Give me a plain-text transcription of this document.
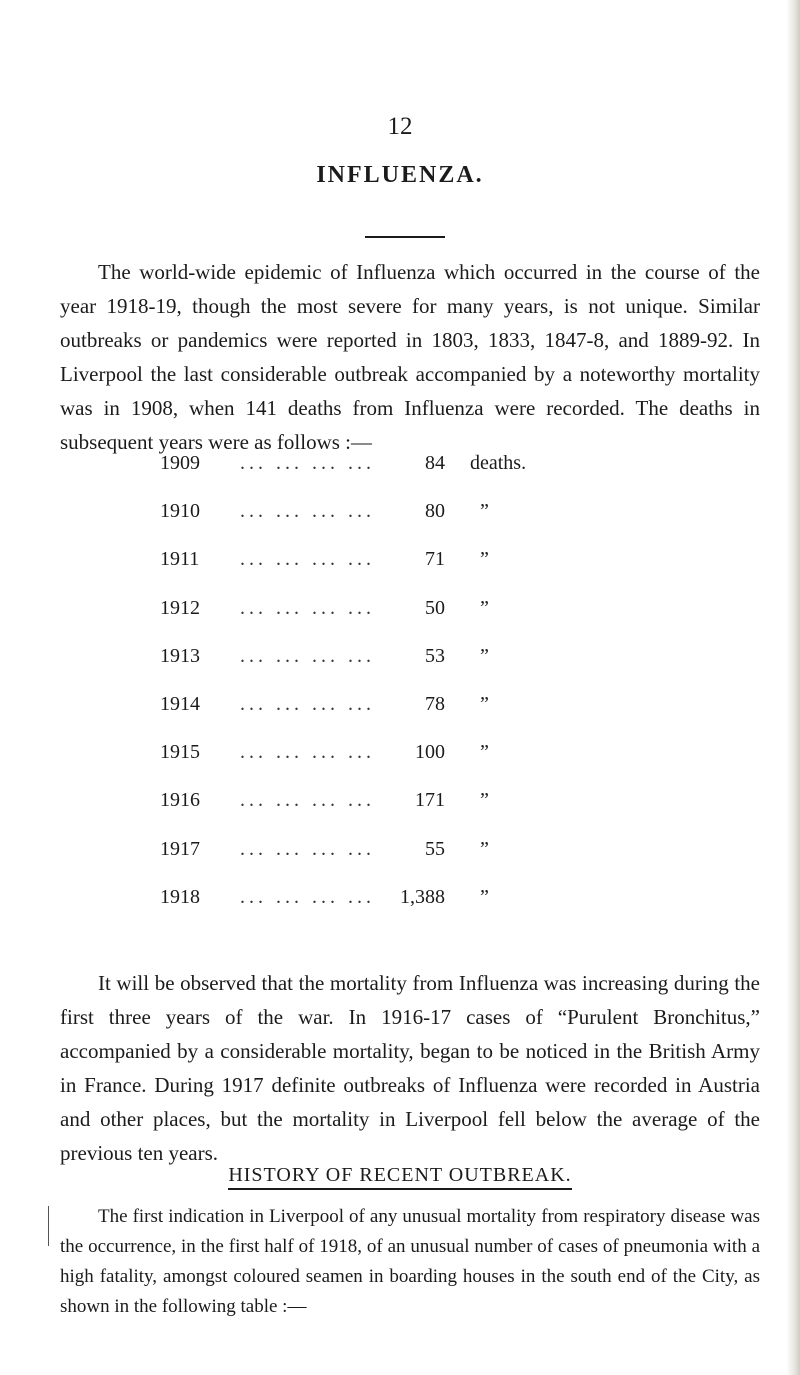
12
INFLUENZA.

The world-wide epidemic of Influenza which occurred in the course of the year 1918-19, though the most severe for many years, is not unique. Similar outbreaks or pandemics were reported in 1803, 1833, 1847-8, and 1889-92. In Liverpool the last considerable outbreak accompanied by a noteworthy mortality was in 1908, when 141 deaths from Influenza were recorded. The deaths in subsequent years were as follows :—

1909 ... ... ... ...	84 deaths.
1910 ... ... ... ...	80 ”
1911 ... ... ... ...	71 ”
1912 ... ... ... ...	50 ”
1913 ... ... ... ...	53 ”
1914 ... ... ... ...	78 ”
1915 ... ... ... ...	100 ”
1916 ... ... ... ...	171 ”
1917 ... ... ... ...	55 ”
1918 ... ... ... ...	1,388 ”

It will be observed that the mortality from Influenza was increasing during the first three years of the war. In 1916-17 cases of “Purulent Bronchitus,” accompanied by a considerable mortality, began to be noticed in the British Army in France. During 1917 definite outbreaks of Influenza were recorded in Austria and other places, but the mortality in Liverpool fell below the average of the previous ten years.

HISTORY OF RECENT OUTBREAK.

The first indication in Liverpool of any unusual mortality from respiratory disease was the occurrence, in the first half of 1918, of an unusual number of cases of pneumonia with a high fatality, amongst coloured seamen in boarding houses in the south end of the City, as shown in the following table :—
